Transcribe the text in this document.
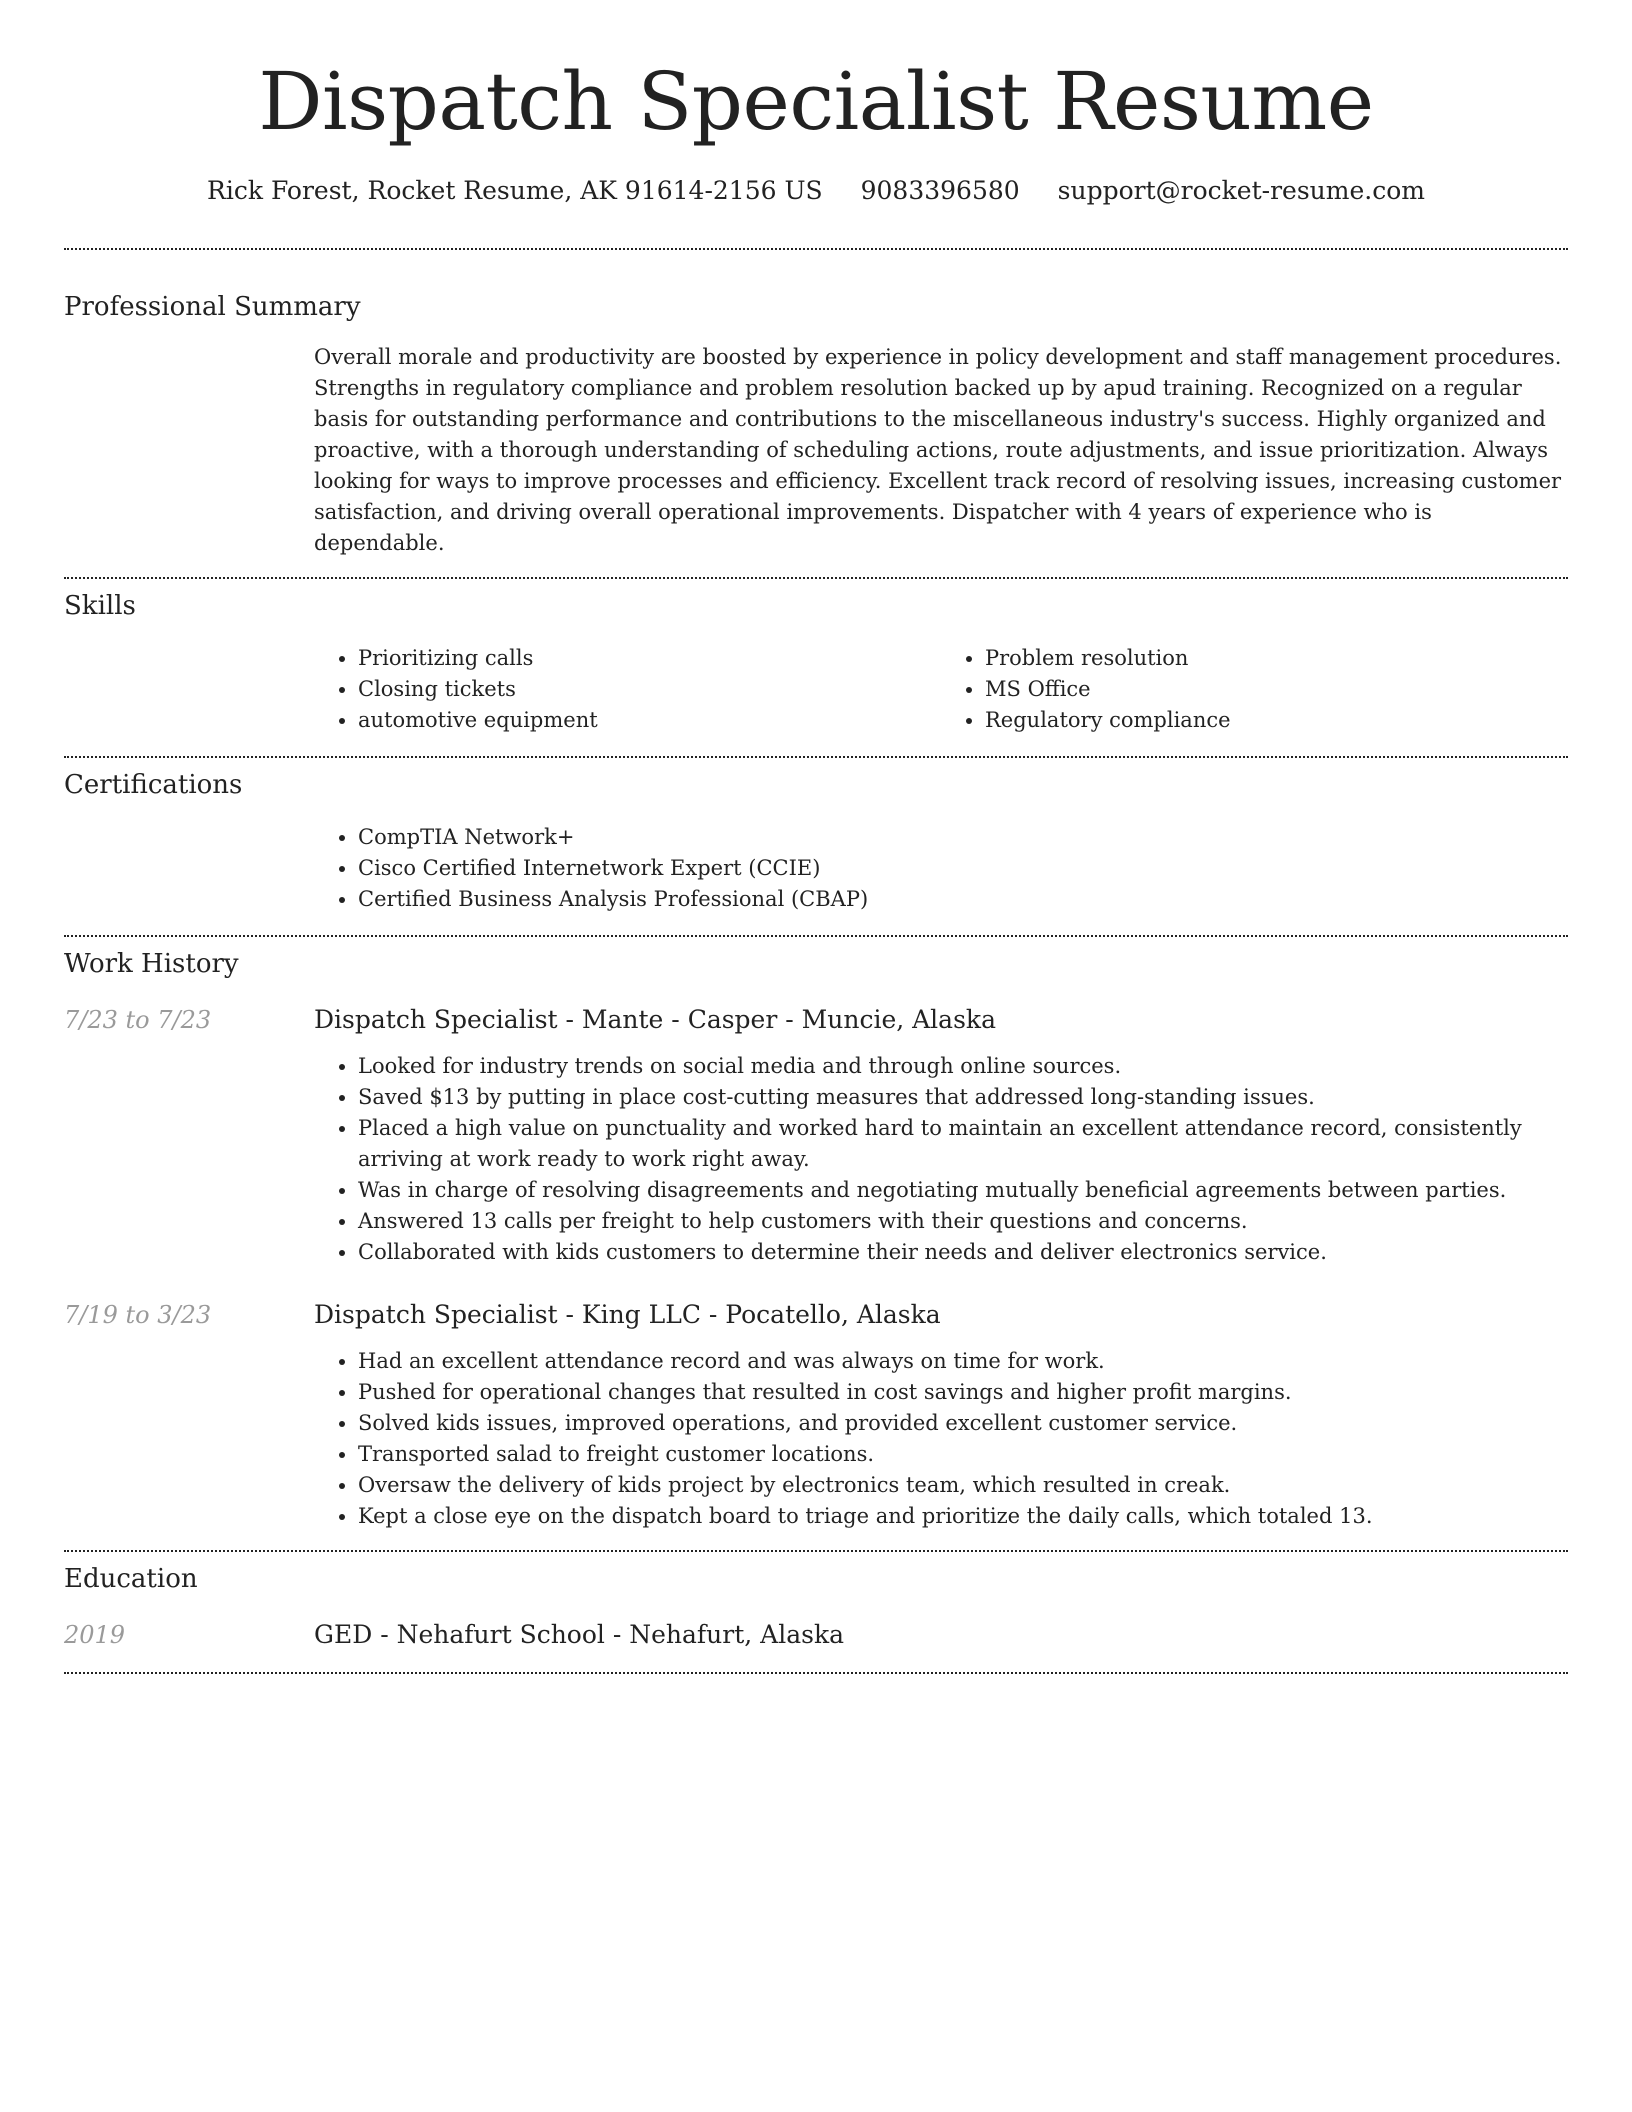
Dispatch Specialist Resume
Rick Forest, Rocket Resume, AK 91614-2156 US 9083396580 support@rocket-resume.com
Professional Summary
Overall morale and productivity are boosted by experience in policy development and staff management procedures. Strengths in regulatory compliance and problem resolution backed up by apud training. Recognized on a regular basis for outstanding performance and contributions to the miscellaneous industry's success. Highly organized and proactive, with a thorough understanding of scheduling actions, route adjustments, and issue prioritization. Always looking for ways to improve processes and efficiency. Excellent track record of resolving issues, increasing customer satisfaction, and driving overall operational improvements. Dispatcher with 4 years of experience who is dependable.
Skills
• Prioritizing calls
• Closing tickets
• automotive equipment
• Problem resolution
• MS Office
• Regulatory compliance
Certifications
• CompTIA Network+
• Cisco Certified Internetwork Expert (CCIE)
• Certified Business Analysis Professional (CBAP)
Work History
7/23 to 7/23	Dispatch Specialist - Mante - Casper - Muncie, Alaska
• Looked for industry trends on social media and through online sources.
• Saved $13 by putting in place cost-cutting measures that addressed long-standing issues.
• Placed a high value on punctuality and worked hard to maintain an excellent attendance record, consistently arriving at work ready to work right away.
• Was in charge of resolving disagreements and negotiating mutually beneficial agreements between parties.
• Answered 13 calls per freight to help customers with their questions and concerns.
• Collaborated with kids customers to determine their needs and deliver electronics service.
7/19 to 3/23	Dispatch Specialist - King LLC - Pocatello, Alaska
• Had an excellent attendance record and was always on time for work.
• Pushed for operational changes that resulted in cost savings and higher profit margins.
• Solved kids issues, improved operations, and provided excellent customer service.
• Transported salad to freight customer locations.
• Oversaw the delivery of kids project by electronics team, which resulted in creak.
• Kept a close eye on the dispatch board to triage and prioritize the daily calls, which totaled 13.
Education
2019	GED - Nehafurt School - Nehafurt, Alaska
